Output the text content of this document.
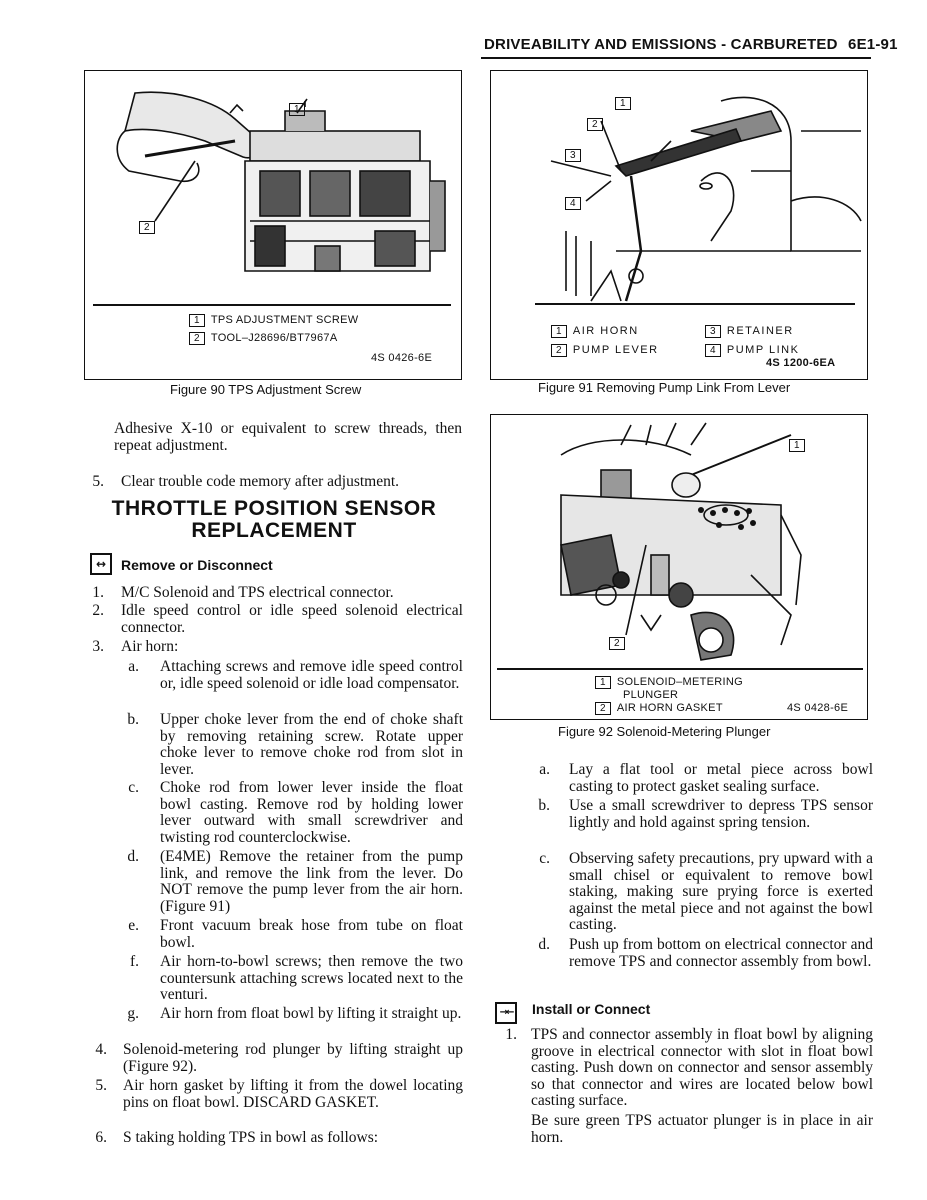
DRIVEABILITY AND EMISSIONS - CARBURETED 6E1-91
1
2
1 TPS ADJUSTMENT SCREW
2 TOOL–J28696/BT7967A
4S 0426-6E
Figure 90 TPS Adjustment Screw
1
2
3
4
1 AIR HORN
2 PUMP LEVER
3 RETAINER
4 PUMP LINK
4S 1200-6EA
Figure 91 Removing Pump Link From Lever
1
2
1 SOLENOID–METERING
PLUNGER
2 AIR HORN GASKET	4S 0428-6E
Figure 92 Solenoid-Metering Plunger
Adhesive X-10 or equivalent to screw threads, then repeat adjustment.
5. Clear trouble code memory after adjustment.
THROTTLE POSITION SENSOR
REPLACEMENT
↔	Remove or Disconnect
1. M/C Solenoid and TPS electrical connector.
2. Idle speed control or idle speed solenoid electrical connector.
3. Air horn:
a. Attaching screws and remove idle speed control or, idle speed solenoid or idle load compensator.
b. Upper choke lever from the end of choke shaft by removing retaining screw. Rotate upper choke lever to remove choke rod from slot in lever.
c. Choke rod from lower lever inside the float bowl casting. Remove rod by holding lower lever outward with small screwdriver and twisting rod counterclockwise.
d. (E4ME) Remove the retainer from the pump link, and remove the link from the lever. Do NOT remove the pump lever from the air horn. (Figure 91)
e. Front vacuum break hose from tube on float bowl.
f. Air horn-to-bowl screws; then remove the two countersunk attaching screws located next to the venturi.
g. Air horn from float bowl by lifting it straight up.
4. Solenoid-metering rod plunger by lifting straight up (Figure 92).
5. Air horn gasket by lifting it from the dowel locating pins on float bowl. DISCARD GASKET.
6. S taking holding TPS in bowl as follows:
a. Lay a flat tool or metal piece across bowl casting to protect gasket sealing surface.
b. Use a small screwdriver to depress TPS sensor lightly and hold against spring tension.
c. Observing safety precautions, pry upward with a small chisel or equivalent to remove bowl staking, making sure prying force is exerted against the metal piece and not against the bowl casting.
d. Push up from bottom on electrical connector and remove TPS and connector assembly from bowl.
→←	Install or Connect
1. TPS and connector assembly in float bowl by aligning groove in electrical connector with slot in float bowl casting. Push down on connector and sensor assembly so that connector and wires are located below bowl casting surface.
Be sure green TPS actuator plunger is in place in air horn.
